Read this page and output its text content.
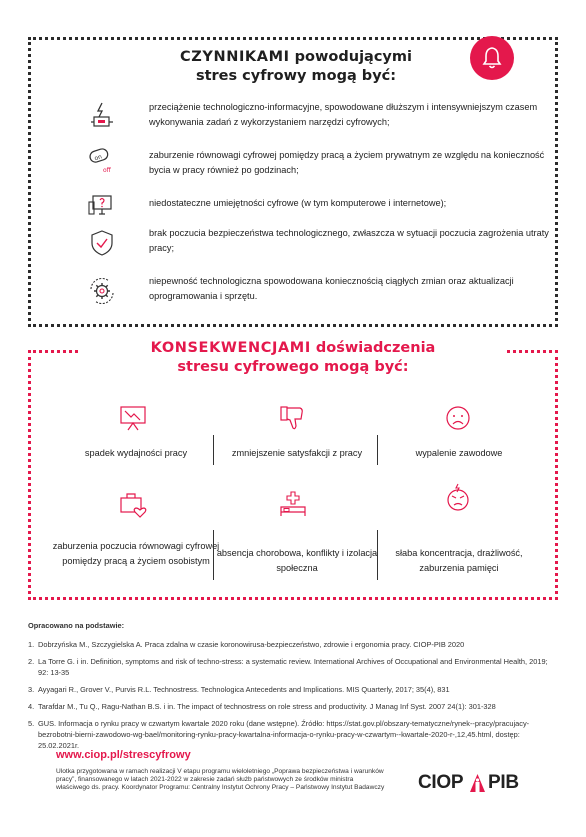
CZYNNIKAMI powodującymi
stres cyfrowy mogą być:
przeciążenie technologiczno-informacyjne, spowodowane dłuższym i intensywniejszym czasem wykonywania zadań z wykorzystaniem narzędzi cyfrowych;
on
off
zaburzenie równowagi cyfrowej pomiędzy pracą a życiem prywatnym ze względu na konieczność bycia w pracy również po godzinach;
niedostateczne umiejętności cyfrowe (w tym komputerowe i internetowe);
brak poczucia bezpieczeństwa technologicznego, zwłaszcza w sytuacji poczucia zagrożenia utraty pracy;
niepewność technologiczna spowodowana koniecznością ciągłych zmian oraz aktualizacji oprogramowania i sprzętu.
KONSEKWENCJAMI doświadczenia
stresu cyfrowego mogą być:
spadek wydajności pracy	zmniejszenie satysfakcji z pracy	wypalenie zawodowe
zaburzenia poczucia równowagi cyfrowej pomiędzy pracą a życiem osobistym
absencja chorobowa, konflikty i izolacja społeczna
słaba koncentracja, drażliwość, zaburzenia pamięci
Opracowano na podstawie:
1. Dobrzyńska M., Szczygielska A. Praca zdalna w czasie koronowirusa-bezpieczeństwo, zdrowie i ergonomia pracy. CIOP-PIB 2020
2. La Torre G. i in. Definition, symptoms and risk of techno-stress: a systematic review. International Archives of Occupational and Environmental Health, 2019; 92: 13-35
3. Ayyagari R., Grover V., Purvis R.L. Technostress. Technologica Antecedents and Implications. MIS Quarterly, 2017; 35(4), 831
4. Tarafdar M., Tu Q., Ragu-Nathan B.S. i in. The impact of technostress on role stress and productivity. J Manag Inf Syst. 2007 24(1): 301-328
5. GUS. Informacja o rynku pracy w czwartym kwartale 2020 roku (dane wstępne). Źródło: https://stat.gov.pl/obszary-tematyczne/rynek--pracy/pracujacy-bezrobotni-bierni-zawodowo-wg-bael/monitoring-rynku-pracy-kwartalna-informacja-o-rynku-pracy-w-czwartym--kwartale-2020-r-,12,45.html, dostęp: 25.02.2021r.
www.ciop.pl/strescyfrowy
Ulotka przygotowana w ramach realizacji V etapu programu wieloletniego „Poprawa bezpieczeństwa i warunków pracy”, finansowanego w latach 2021-2022 w zakresie zadań służb państwowych ze środków ministra właściwego ds. pracy. Koordynator Programu: Centralny Instytut Ochrony Pracy – Państwowy Instytut Badawczy CIOP PIB
